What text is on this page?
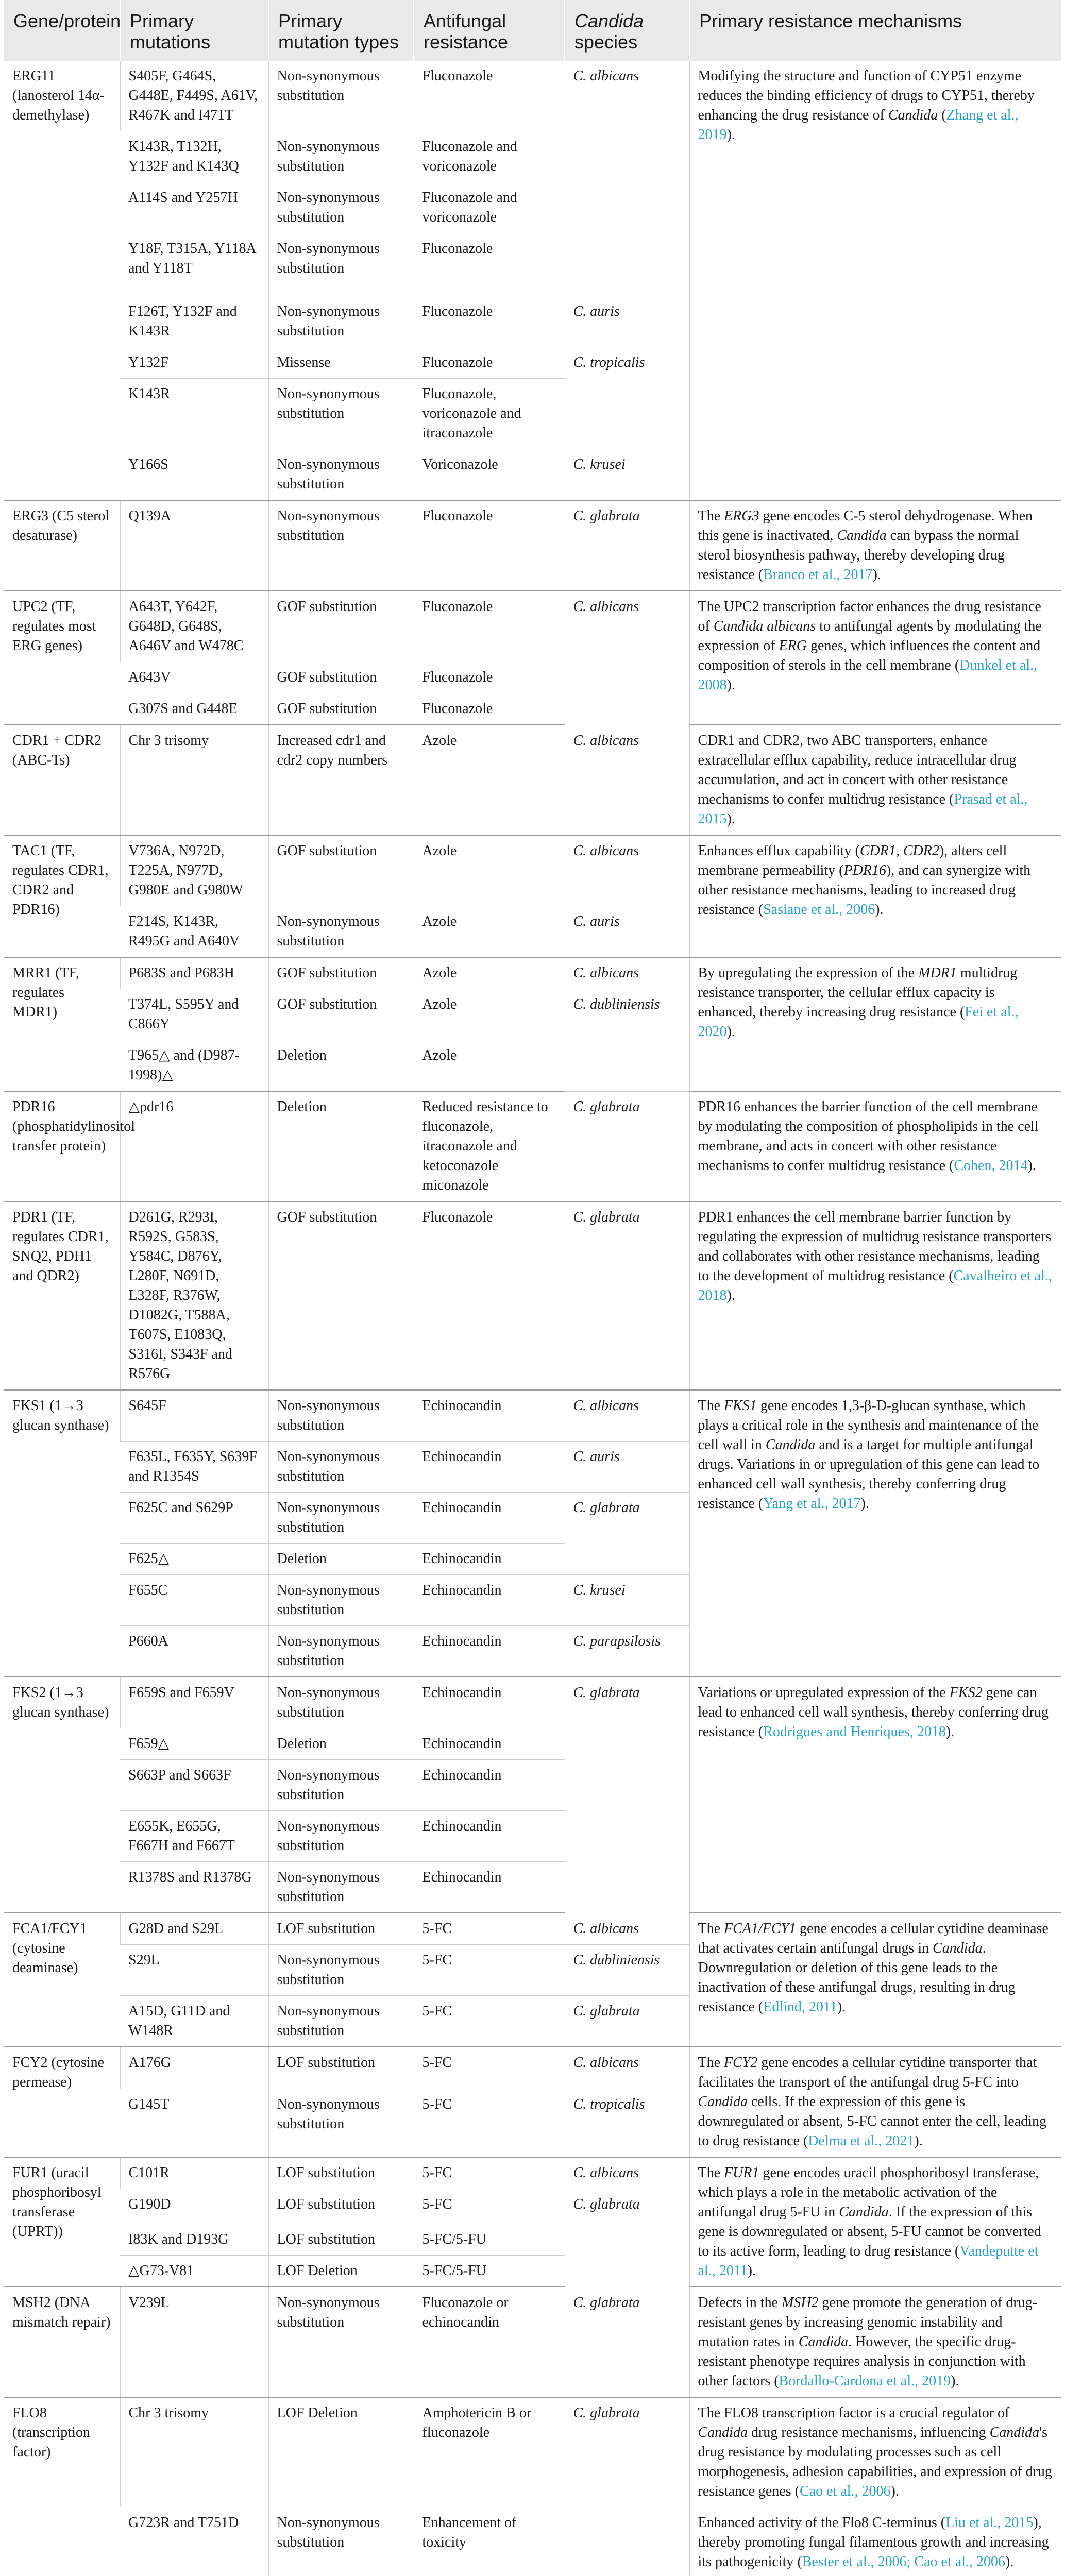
Gene/protein	Primary mutations	Primary mutation types	Antifungal resistance	Candida species	Primary resistance mechanisms
ERG11 (lanosterol 14α-demethylase)	S405F, G464S, G448E, F449S, A61V, R467K and I471T	Non-synonymous substitution	Fluconazole	C. albicans	Modifying the structure and function of CYP51 enzyme reduces the binding efficiency of drugs to CYP51, thereby enhancing the drug resistance of Candida (Zhang et al., 2019).
	K143R, T132H, Y132F and K143Q	Non-synonymous substitution	Fluconazole and voriconazole		
	A114S and Y257H	Non-synonymous substitution	Fluconazole and voriconazole		
	Y18F, T315A, Y118A and Y118T	Non-synonymous substitution	Fluconazole		

	F126T, Y132F and K143R	Non-synonymous substitution	Fluconazole	C. auris	
	Y132F	Missense	Fluconazole	C. tropicalis	
	K143R	Non-synonymous substitution	Fluconazole, voriconazole and itraconazole		
	Y166S	Non-synonymous substitution	Voriconazole	C. krusei	
ERG3 (C5 sterol desaturase)	Q139A	Non-synonymous substitution	Fluconazole	C. glabrata	The ERG3 gene encodes C-5 sterol dehydrogenase. When this gene is inactivated, Candida can bypass the normal sterol biosynthesis pathway, thereby developing drug resistance (Branco et al., 2017).
UPC2 (TF, regulates most ERG genes)	A643T, Y642F, G648D, G648S, A646V and W478C	GOF substitution	Fluconazole	C. albicans	The UPC2 transcription factor enhances the drug resistance of Candida albicans to antifungal agents by modulating the expression of ERG genes, which influences the content and composition of sterols in the cell membrane (Dunkel et al., 2008).
	A643V	GOF substitution	Fluconazole		
	G307S and G448E	GOF substitution	Fluconazole		
CDR1 + CDR2 (ABC-Ts)	Chr 3 trisomy	Increased cdr1 and cdr2 copy numbers	Azole	C. albicans	CDR1 and CDR2, two ABC transporters, enhance extracellular efflux capability, reduce intracellular drug accumulation, and act in concert with other resistance mechanisms to confer multidrug resistance (Prasad et al., 2015).
TAC1 (TF, regulates CDR1, CDR2 and PDR16)	V736A, N972D, T225A, N977D, G980E and G980W	GOF substitution	Azole	C. albicans	Enhances efflux capability (CDR1, CDR2), alters cell membrane permeability (PDR16), and can synergize with other resistance mechanisms, leading to increased drug resistance (Sasiane et al., 2006).
	F214S, K143R, R495G and A640V	Non-synonymous substitution	Azole	C. auris	
MRR1 (TF, regulates MDR1)	P683S and P683H	GOF substitution	Azole	C. albicans	By upregulating the expression of the MDR1 multidrug resistance transporter, the cellular efflux capacity is enhanced, thereby increasing drug resistance (Fei et al., 2020).
	T374L, S595Y and C866Y	GOF substitution	Azole	C. dubliniensis	
	T965△ and (D987-1998)△	Deletion	Azole		
PDR16 (phosphatidylinositol transfer protein)	△pdr16	Deletion	Reduced resistance to fluconazole, itraconazole and ketoconazole miconazole	C. glabrata	PDR16 enhances the barrier function of the cell membrane by modulating the composition of phospholipids in the cell membrane, and acts in concert with other resistance mechanisms to confer multidrug resistance (Cohen, 2014).
PDR1 (TF, regulates CDR1, SNQ2, PDH1 and QDR2)	D261G, R293I, R592S, G583S, Y584C, D876Y, L280F, N691D, L328F, R376W, D1082G, T588A, T607S, E1083Q, S316I, S343F and R576G	GOF substitution	Fluconazole	C. glabrata	PDR1 enhances the cell membrane barrier function by regulating the expression of multidrug resistance transporters and collaborates with other resistance mechanisms, leading to the development of multidrug resistance (Cavalheiro et al., 2018).
FKS1 (1→3 glucan synthase)	S645F	Non-synonymous substitution	Echinocandin	C. albicans	The FKS1 gene encodes 1,3-β-D-glucan synthase, which plays a critical role in the synthesis and maintenance of the cell wall in Candida and is a target for multiple antifungal drugs. Variations in or upregulation of this gene can lead to enhanced cell wall synthesis, thereby conferring drug resistance (Yang et al., 2017).
	F635L, F635Y, S639F and R1354S	Non-synonymous substitution	Echinocandin	C. auris	
	F625C and S629P	Non-synonymous substitution	Echinocandin	C. glabrata	
	F625△	Deletion	Echinocandin		
	F655C	Non-synonymous substitution	Echinocandin	C. krusei	
	P660A	Non-synonymous substitution	Echinocandin	C. parapsilosis	
FKS2 (1→3 glucan synthase)	F659S and F659V	Non-synonymous substitution	Echinocandin	C. glabrata	Variations or upregulated expression of the FKS2 gene can lead to enhanced cell wall synthesis, thereby conferring drug resistance (Rodrigues and Henriques, 2018).
	F659△	Deletion	Echinocandin		
	S663P and S663F	Non-synonymous substitution	Echinocandin		
	E655K, E655G, F667H and F667T	Non-synonymous substitution	Echinocandin		
	R1378S and R1378G	Non-synonymous substitution	Echinocandin		
FCA1/FCY1 (cytosine deaminase)	G28D and S29L	LOF substitution	5-FC	C. albicans	The FCA1/FCY1 gene encodes a cellular cytidine deaminase that activates certain antifungal drugs in Candida. Downregulation or deletion of this gene leads to the inactivation of these antifungal drugs, resulting in drug resistance (Edlind, 2011).
	S29L	Non-synonymous substitution	5-FC	C. dubliniensis	
	A15D, G11D and W148R	Non-synonymous substitution	5-FC	C. glabrata	
FCY2 (cytosine permease)	A176G	LOF substitution	5-FC	C. albicans	The FCY2 gene encodes a cellular cytidine transporter that facilitates the transport of the antifungal drug 5-FC into Candida cells. If the expression of this gene is downregulated or absent, 5-FC cannot enter the cell, leading to drug resistance (Delma et al., 2021).
	G145T	Non-synonymous substitution	5-FC	C. tropicalis	
FUR1 (uracil phosphoribosyl transferase (UPRT))	C101R	LOF substitution	5-FC	C. albicans	The FUR1 gene encodes uracil phosphoribosyl transferase, which plays a role in the metabolic activation of the antifungal drug 5-FU in Candida. If the expression of this gene is downregulated or absent, 5-FU cannot be converted to its active form, leading to drug resistance (Vandeputte et al., 2011).
	G190D	LOF substitution	5-FC	C. glabrata	
	I83K and D193G	LOF substitution	5-FC/5-FU		
	△G73-V81	LOF Deletion	5-FC/5-FU		
MSH2 (DNA mismatch repair)	V239L	Non-synonymous substitution	Fluconazole or echinocandin	C. glabrata	Defects in the MSH2 gene promote the generation of drug-resistant genes by increasing genomic instability and mutation rates in Candida. However, the specific drug-resistant phenotype requires analysis in conjunction with other factors (Bordallo-Cardona et al., 2019).
FLO8 (transcription factor)	Chr 3 trisomy	LOF Deletion	Amphotericin B or fluconazole	C. glabrata	The FLO8 transcription factor is a crucial regulator of Candida drug resistance mechanisms, influencing Candida's drug resistance by modulating processes such as cell morphogenesis, adhesion capabilities, and expression of drug resistance genes (Cao et al., 2006).
	G723R and T751D	Non-synonymous substitution	Enhancement of toxicity		Enhanced activity of the Flo8 C-terminus (Liu et al., 2015), thereby promoting fungal filamentous growth and increasing its pathogenicity (Bester et al., 2006; Cao et al., 2006).
